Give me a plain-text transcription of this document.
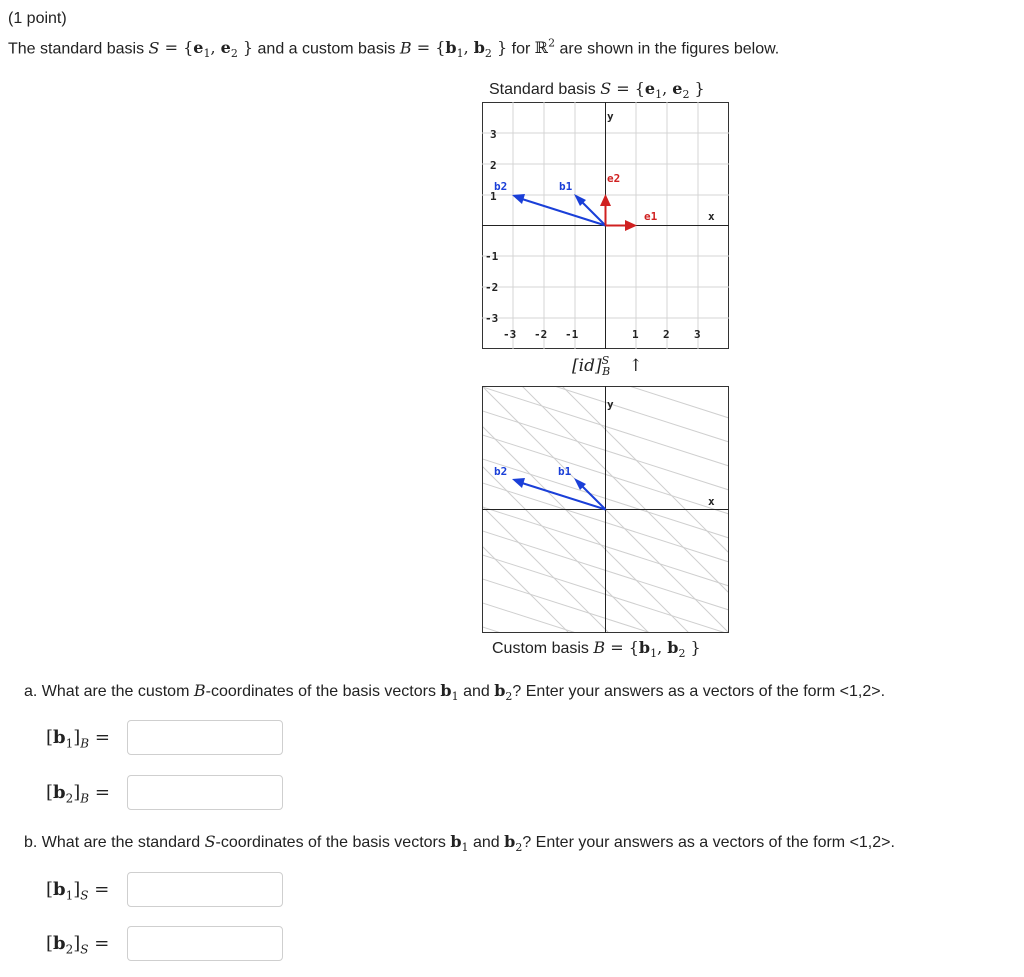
(1 point)
The standard basis $S = \{e_1$, $e_2$ } and a custom basis $B = \{b_1$, $b_2$ } for ℝ$^2$ are shown in the figures below.
Standard basis $S = \{e_1$, $e_2$ }
y
x
3
2
1
-1
-2
-3
-3 -2 -1	1 2 3
b1
b2
e1
e2
[id]$^S_B$ ↑
y
x
b1
b2
Custom basis $B = \{b_1$, $b_2$ }
a. What are the custom B-coordinates of the basis vectors $b_1$ and $b_2$? Enter your answers as a vectors of the form <1,2>.
$[b_1]_B$ =
$[b_2]_B$ =
b. What are the standard S-coordinates of the basis vectors $b_1$ and $b_2$? Enter your answers as a vectors of the form <1,2>.
$[b_1]_S$ =
$[b_2]_S$ =
